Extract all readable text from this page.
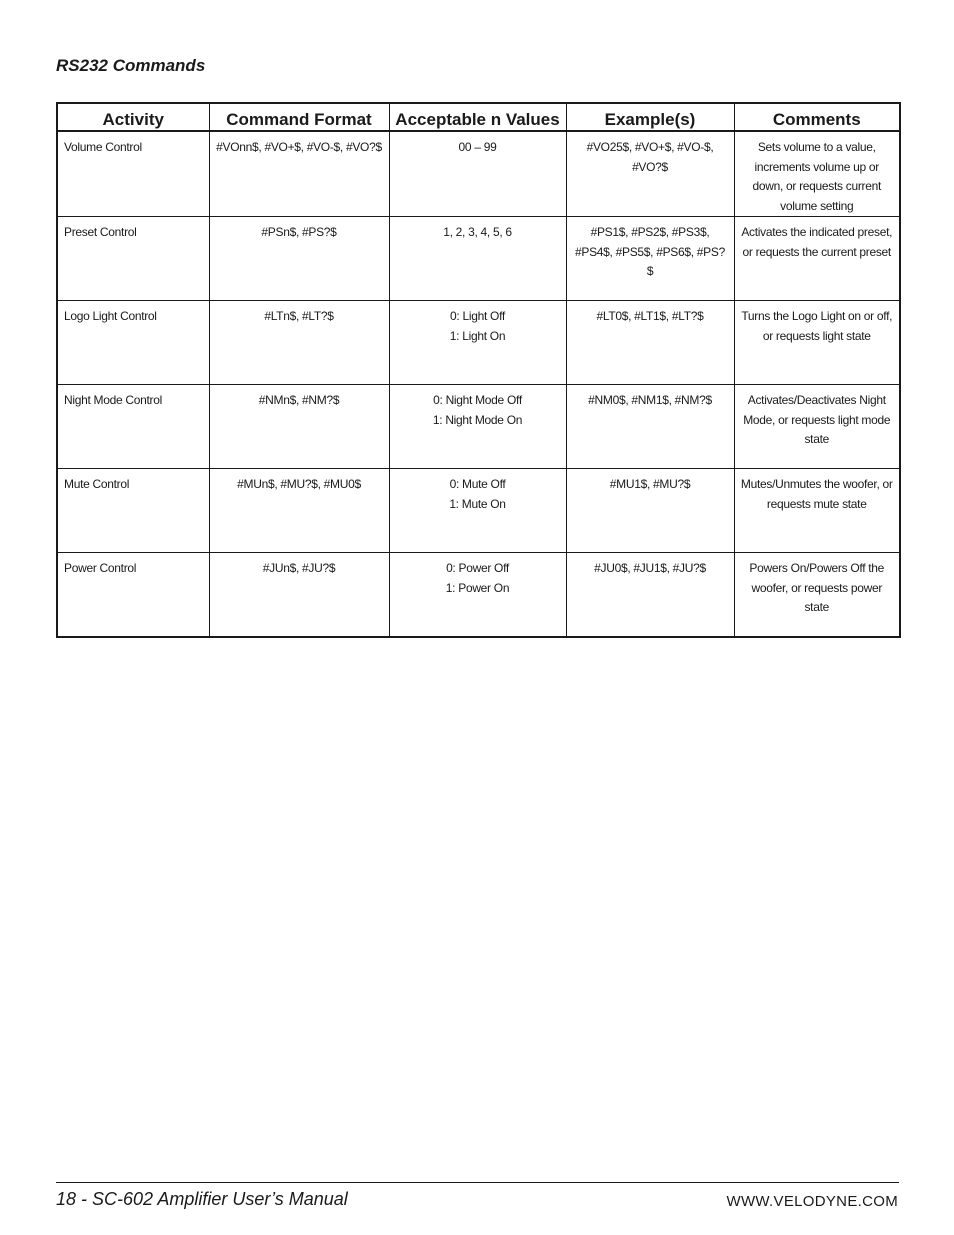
RS232 Commands
Activity	Command Format	Acceptable n Values	Example(s)	Comments

Volume Control	#VOnn$, #VO+$, #VO-$, #VO?$	00 – 99	#VO25$, #VO+$, #VO-$,
#VO?$	Sets volume to a value,
increments volume up or
down, or requests current
volume setting

Preset Control	#PSn$, #PS?$	1, 2, 3, 4, 5, 6	#PS1$, #PS2$, #PS3$,
#PS4$, #PS5$, #PS6$, #PS?$	Activates the indicated preset,
or requests the current preset

Logo Light Control	#LTn$, #LT?$	0: Light Off
1: Light On	#LT0$, #LT1$, #LT?$	Turns the Logo Light on or off,
or requests light state

Night Mode Control	#NMn$, #NM?$	0: Night Mode Off
1: Night Mode On	#NM0$, #NM1$, #NM?$	Activates/Deactivates Night
Mode, or requests light mode
state

Mute Control	#MUn$, #MU?$, #MU0$	0: Mute Off
1: Mute On	#MU1$, #MU?$	Mutes/Unmutes the woofer, or
requests mute state

Power Control	#JUn$, #JU?$	0: Power Off
1: Power On	#JU0$, #JU1$, #JU?$	Powers On/Powers Off the
woofer, or requests power
state

18 - SC-602 Amplifier User’s Manual	WWW.VELODYNE.COM
